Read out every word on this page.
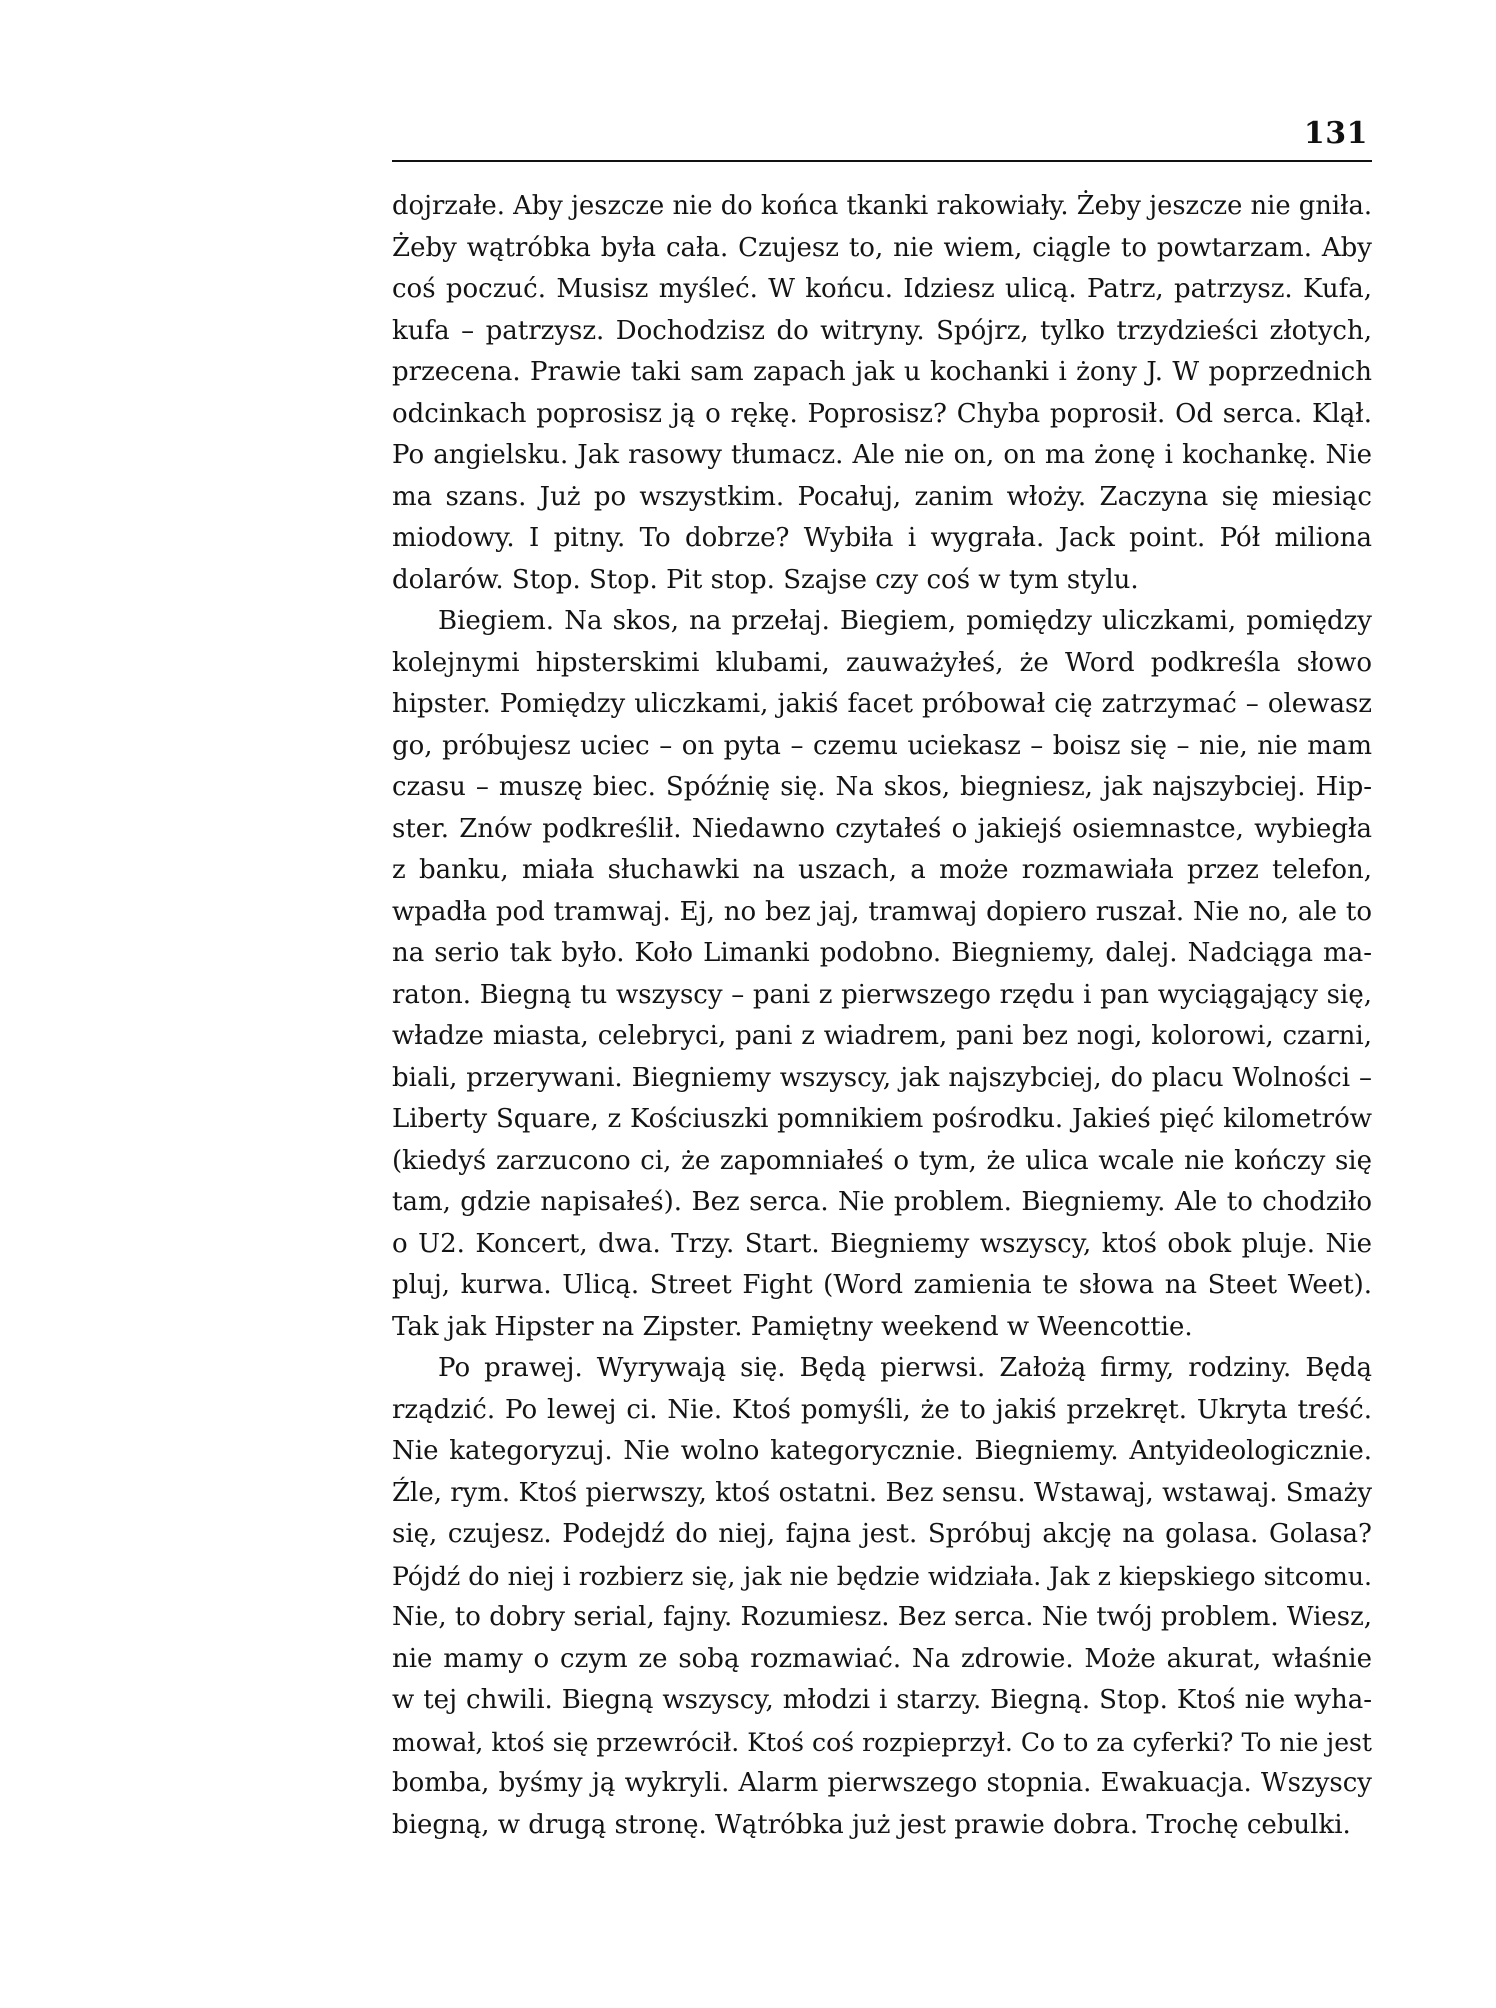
131
dojrzałe. Aby jeszcze nie do końca tkanki rakowiały. Żeby jeszcze nie gniła.
Żeby wątróbka była cała. Czujesz to, nie wiem, ciągle to powtarzam. Aby
coś poczuć. Musisz myśleć. W końcu. Idziesz ulicą. Patrz, patrzysz. Kufa,
kufa – patrzysz. Dochodzisz do witryny. Spójrz, tylko trzydzieści złotych,
przecena. Prawie taki sam zapach jak u kochanki i żony J. W poprzednich
odcinkach poprosisz ją o rękę. Poprosisz? Chyba poprosił. Od serca. Klął.
Po angielsku. Jak rasowy tłumacz. Ale nie on, on ma żonę i kochankę. Nie
ma szans. Już po wszystkim. Pocałuj, zanim włoży. Zaczyna się miesiąc
miodowy. I pitny. To dobrze? Wybiła i wygrała. Jack point. Pół miliona
dolarów. Stop. Stop. Pit stop. Szajse czy coś w tym stylu.
Biegiem. Na skos, na przełaj. Biegiem, pomiędzy uliczkami, pomiędzy
kolejnymi hipsterskimi klubami, zauważyłeś, że Word podkreśla słowo
hipster. Pomiędzy uliczkami, jakiś facet próbował cię zatrzymać – olewasz
go, próbujesz uciec – on pyta – czemu uciekasz – boisz się – nie, nie mam
czasu – muszę biec. Spóźnię się. Na skos, biegniesz, jak najszybciej. Hip-
ster. Znów podkreślił. Niedawno czytałeś o jakiejś osiemnastce, wybiegła
z banku, miała słuchawki na uszach, a może rozmawiała przez telefon,
wpadła pod tramwaj. Ej, no bez jaj, tramwaj dopiero ruszał. Nie no, ale to
na serio tak było. Koło Limanki podobno. Biegniemy, dalej. Nadciąga ma-
raton. Biegną tu wszyscy – pani z pierwszego rzędu i pan wyciągający się,
władze miasta, celebryci, pani z wiadrem, pani bez nogi, kolorowi, czarni,
biali, przerywani. Biegniemy wszyscy, jak najszybciej, do placu Wolności –
Liberty Square, z Kościuszki pomnikiem pośrodku. Jakieś pięć kilometrów
(kiedyś zarzucono ci, że zapomniałeś o tym, że ulica wcale nie kończy się
tam, gdzie napisałeś). Bez serca. Nie problem. Biegniemy. Ale to chodziło
o U2. Koncert, dwa. Trzy. Start. Biegniemy wszyscy, ktoś obok pluje. Nie
pluj, kurwa. Ulicą. Street Fight (Word zamienia te słowa na Steet Weet).
Tak jak Hipster na Zipster. Pamiętny weekend w Weencottie.
Po prawej. Wyrywają się. Będą pierwsi. Założą firmy, rodziny. Będą
rządzić. Po lewej ci. Nie. Ktoś pomyśli, że to jakiś przekręt. Ukryta treść.
Nie kategoryzuj. Nie wolno kategorycznie. Biegniemy. Antyideologicznie.
Źle, rym. Ktoś pierwszy, ktoś ostatni. Bez sensu. Wstawaj, wstawaj. Smaży
się, czujesz. Podejdź do niej, fajna jest. Spróbuj akcję na golasa. Golasa?
Pójdź do niej i rozbierz się, jak nie będzie widziała. Jak z kiepskiego sitcomu.
Nie, to dobry serial, fajny. Rozumiesz. Bez serca. Nie twój problem. Wiesz,
nie mamy o czym ze sobą rozmawiać. Na zdrowie. Może akurat, właśnie
w tej chwili. Biegną wszyscy, młodzi i starzy. Biegną. Stop. Ktoś nie wyha-
mował, ktoś się przewrócił. Ktoś coś rozpieprzył. Co to za cyferki? To nie jest
bomba, byśmy ją wykryli. Alarm pierwszego stopnia. Ewakuacja. Wszyscy
biegną, w drugą stronę. Wątróbka już jest prawie dobra. Trochę cebulki.
